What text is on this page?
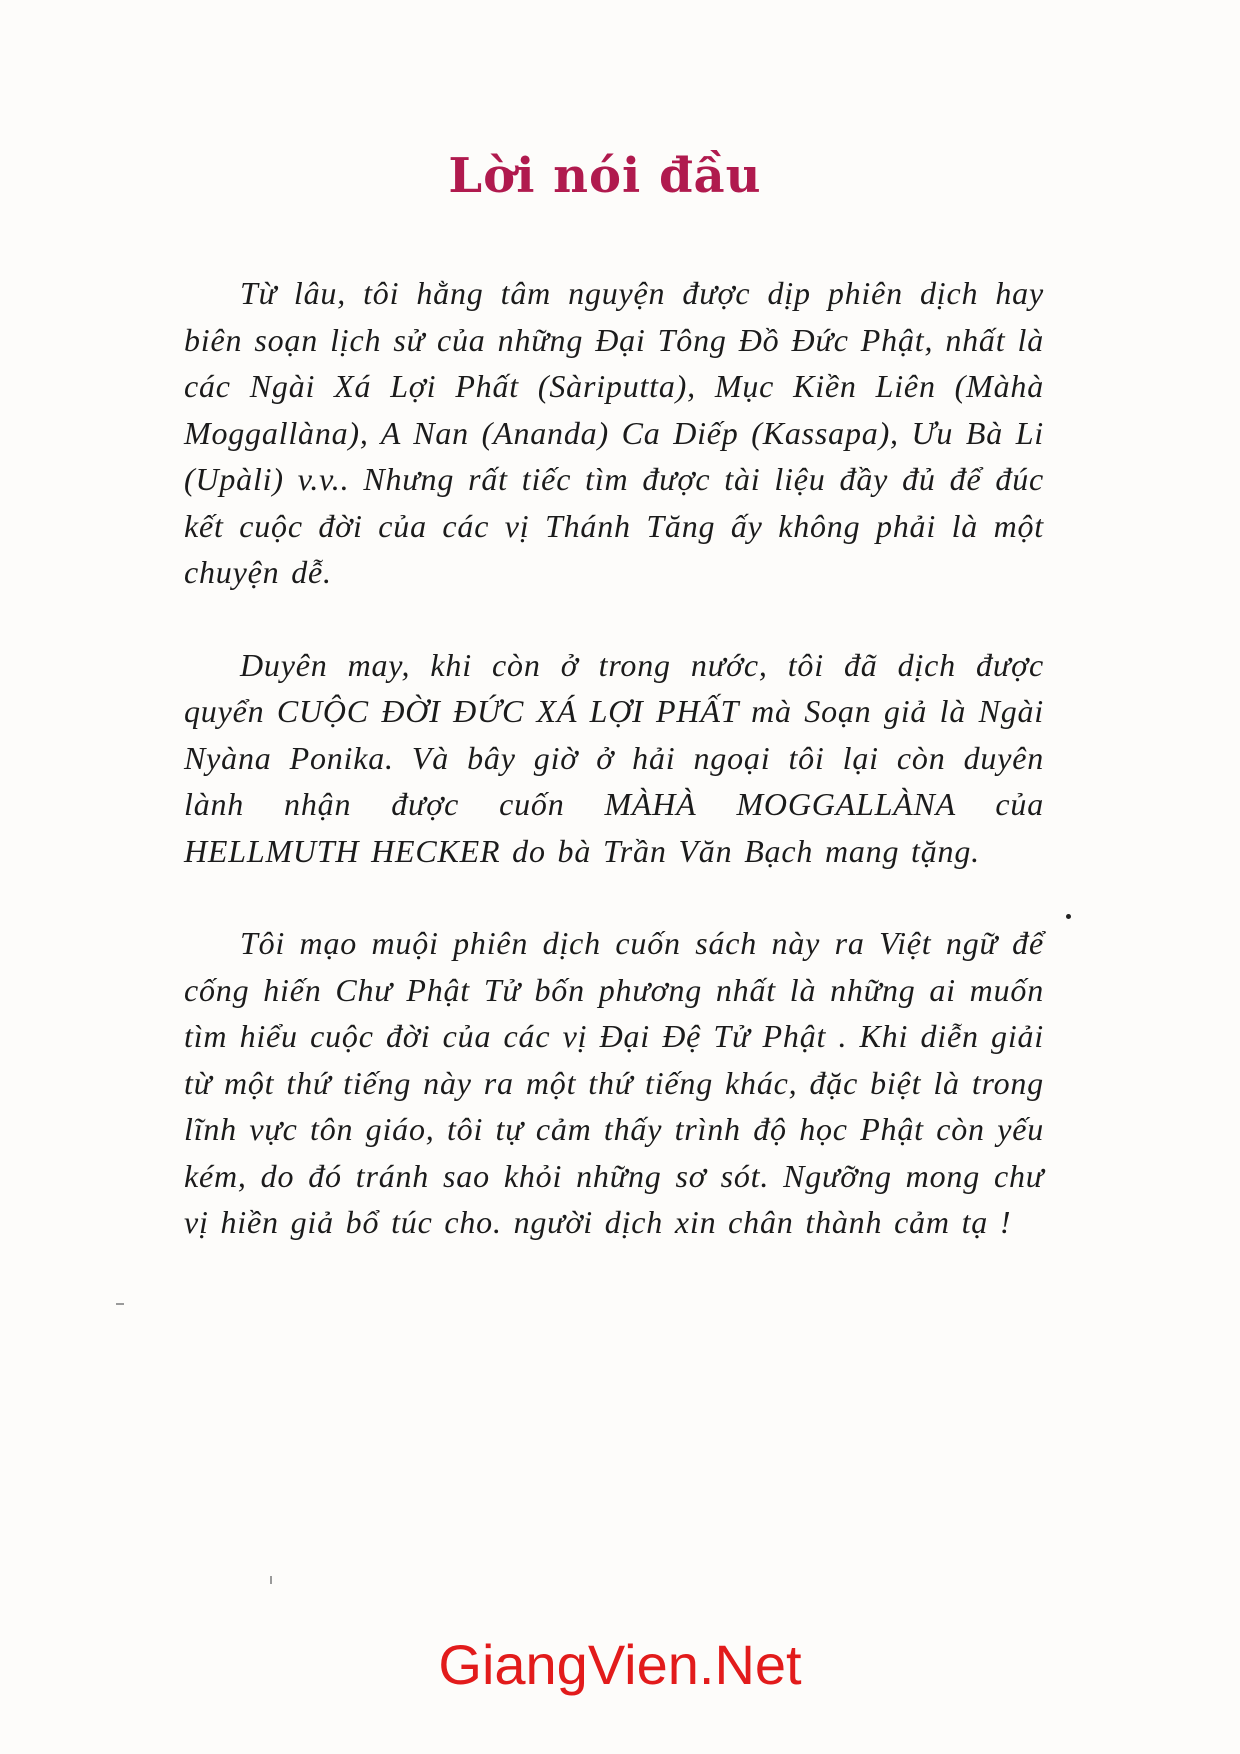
Lời nói đầu

Từ lâu, tôi hằng tâm nguyện được dịp phiên dịch hay biên soạn lịch sử của những Đại Tông Đồ Đức Phật, nhất là các Ngài Xá Lợi Phất (Sàriputta), Mục Kiền Liên (Màhà Moggallàna), A Nan (Ananda) Ca Diếp (Kassapa), Ưu Bà Li (Upàli) v.v.. Nhưng rất tiếc tìm được tài liệu đầy đủ để đúc kết cuộc đời của các vị Thánh Tăng ấy không phải là một chuyện dễ.

Duyên may, khi còn ở trong nước, tôi đã dịch được quyển CUỘC ĐỜI ĐỨC XÁ LỢI PHẤT mà Soạn giả là Ngài Nyàna Ponika. Và bây giờ ở hải ngoại tôi lại còn duyên lành nhận được cuốn MÀHÀ MOGGALLÀNA của HELLMUTH HECKER do bà Trần Văn Bạch mang tặng.

Tôi mạo muội phiên dịch cuốn sách này ra Việt ngữ để cống hiến Chư Phật Tử bốn phương nhất là những ai muốn tìm hiểu cuộc đời của các vị Đại Đệ Tử Phật . Khi diễn giải từ một thứ tiếng này ra một thứ tiếng khác, đặc biệt là trong lĩnh vực tôn giáo, tôi tự cảm thấy trình độ học Phật còn yếu kém, do đó tránh sao khỏi những sơ sót. Ngưỡng mong chư vị hiền giả bổ túc cho. người dịch xin chân thành cảm tạ !

GiangVien.Net
